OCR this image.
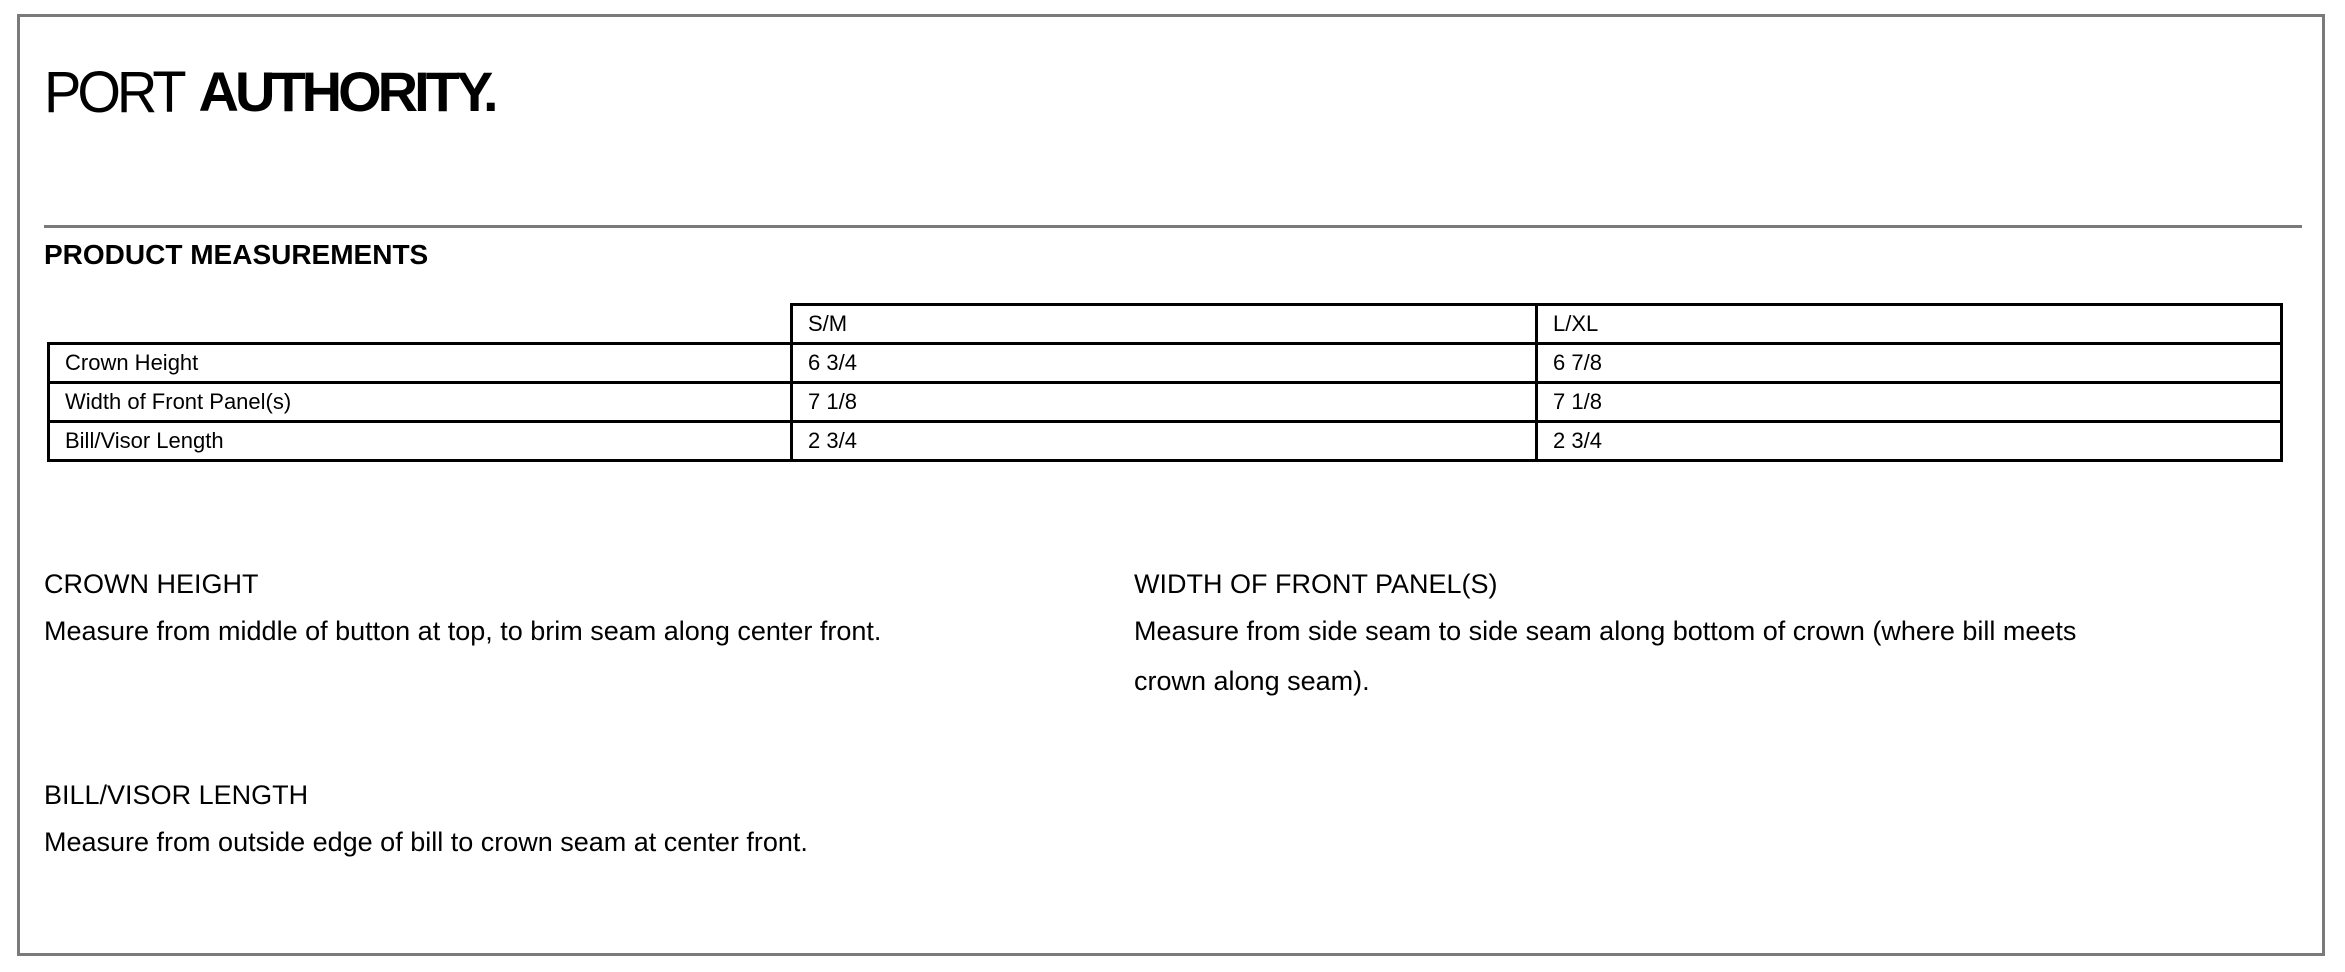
PORT AUTHORITY.
PRODUCT MEASUREMENTS
	S/M	L/XL
Crown Height	6 3/4	6 7/8
Width of Front Panel(s)	7 1/8	7 1/8
Bill/Visor Length	2 3/4	2 3/4
CROWN HEIGHT
Measure from middle of button at top, to brim seam along center front.
WIDTH OF FRONT PANEL(S)
Measure from side seam to side seam along bottom of crown (where bill meets crown along seam).
BILL/VISOR LENGTH
Measure from outside edge of bill to crown seam at center front.
